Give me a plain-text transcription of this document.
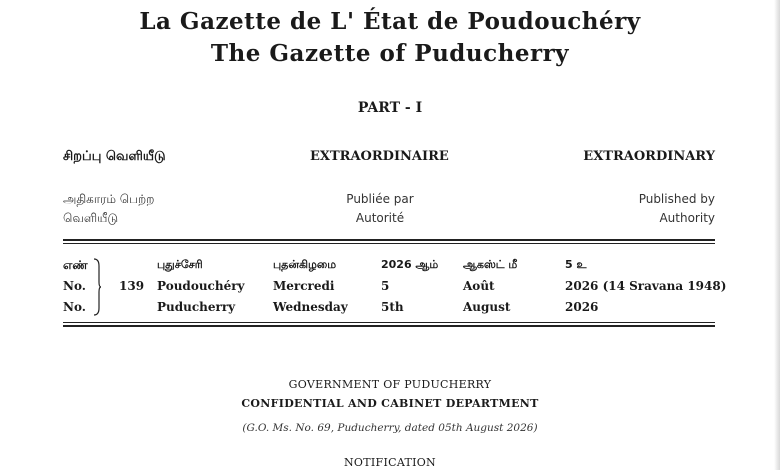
La Gazette de L' État de Poudouchéry
The Gazette of Puducherry
PART - I
சிறப்பு வெளியீடு	EXTRAORDINAIRE	EXTRAORDINARY
அதிகாரம் பெற்ற
வெளியீடு
Publiée par
Autorité
Published by
Authority
எண்
No.
No.
139
புதுச்சேரி
Poudouchéry
Puducherry
புதன்கிழமை
Mercredi
Wednesday
2026 ஆம்
5
5th
ஆகஸ்ட் மீ
Août
August
5 உ
2026 (14 Sravana 1948)
2026
GOVERNMENT OF PUDUCHERRY
CONFIDENTIAL AND CABINET DEPARTMENT
(G.O. Ms. No. 69, Puducherry, dated 05th August 2026)
NOTIFICATION
